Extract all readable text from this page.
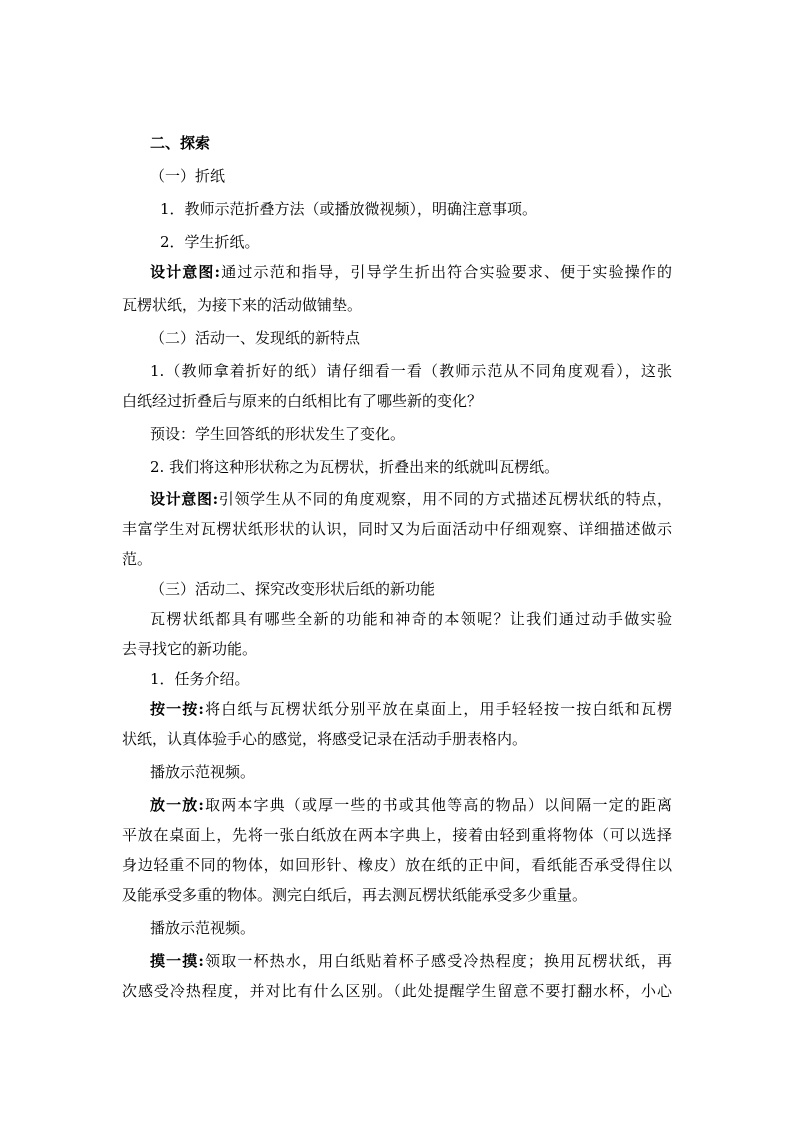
二、探索
（一）折纸
1．教师示范折叠方法（或播放微视频），明确注意事项。
2．学生折纸。
设计意图:通过示范和指导，引导学生折出符合实验要求、便于实验操作的
瓦楞状纸，为接下来的活动做铺垫。
（二）活动一、发现纸的新特点
1.（教师拿着折好的纸）请仔细看一看（教师示范从不同角度观看），这张
白纸经过折叠后与原来的白纸相比有了哪些新的变化？
预设：学生回答纸的形状发生了变化。
2. 我们将这种形状称之为瓦楞状，折叠出来的纸就叫瓦楞纸。
设计意图:引领学生从不同的角度观察，用不同的方式描述瓦楞状纸的特点，
丰富学生对瓦楞状纸形状的认识，同时又为后面活动中仔细观察、详细描述做示
范。
（三）活动二、探究改变形状后纸的新功能
瓦楞状纸都具有哪些全新的功能和神奇的本领呢？让我们通过动手做实验
去寻找它的新功能。
1．任务介绍。
按一按:将白纸与瓦楞状纸分别平放在桌面上，用手轻轻按一按白纸和瓦楞
状纸，认真体验手心的感觉，将感受记录在活动手册表格内。
播放示范视频。
放一放:取两本字典（或厚一些的书或其他等高的物品）以间隔一定的距离
平放在桌面上，先将一张白纸放在两本字典上，接着由轻到重将物体（可以选择
身边轻重不同的物体，如回形针、橡皮）放在纸的正中间，看纸能否承受得住以
及能承受多重的物体。测完白纸后，再去测瓦楞状纸能承受多少重量。
播放示范视频。
摸一摸:领取一杯热水，用白纸贴着杯子感受冷热程度；换用瓦楞状纸，再
次感受冷热程度，并对比有什么区别。（此处提醒学生留意不要打翻水杯，小心
